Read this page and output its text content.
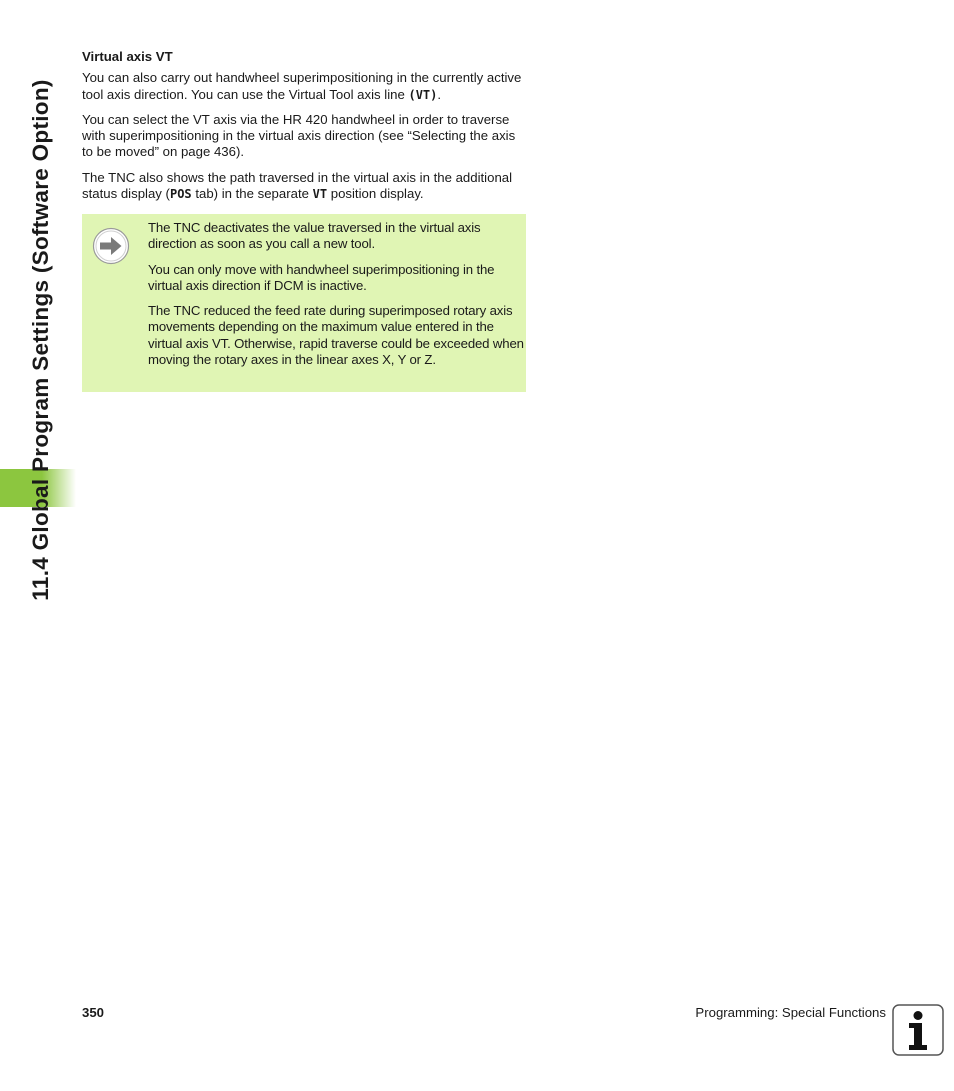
11.4 Global Program Settings (Software Option)
Virtual axis VT

You can also carry out handwheel superimpositioning in the currently active tool axis direction. You can use the Virtual Tool axis line (VT).

You can select the VT axis via the HR 420 handwheel in order to traverse with superimpositioning in the virtual axis direction (see “Selecting the axis to be moved” on page 436).

The TNC also shows the path traversed in the virtual axis in the additional status display (POS tab) in the separate VT position display.

The TNC deactivates the value traversed in the virtual axis direction as soon as you call a new tool.

You can only move with handwheel superimpositioning in the virtual axis direction if DCM is inactive.

The TNC reduced the feed rate during superimposed rotary axis movements depending on the maximum value entered in the virtual axis VT. Otherwise, rapid traverse could be exceeded when moving the rotary axes in the linear axes X, Y or Z.

350	Programming: Special Functions
